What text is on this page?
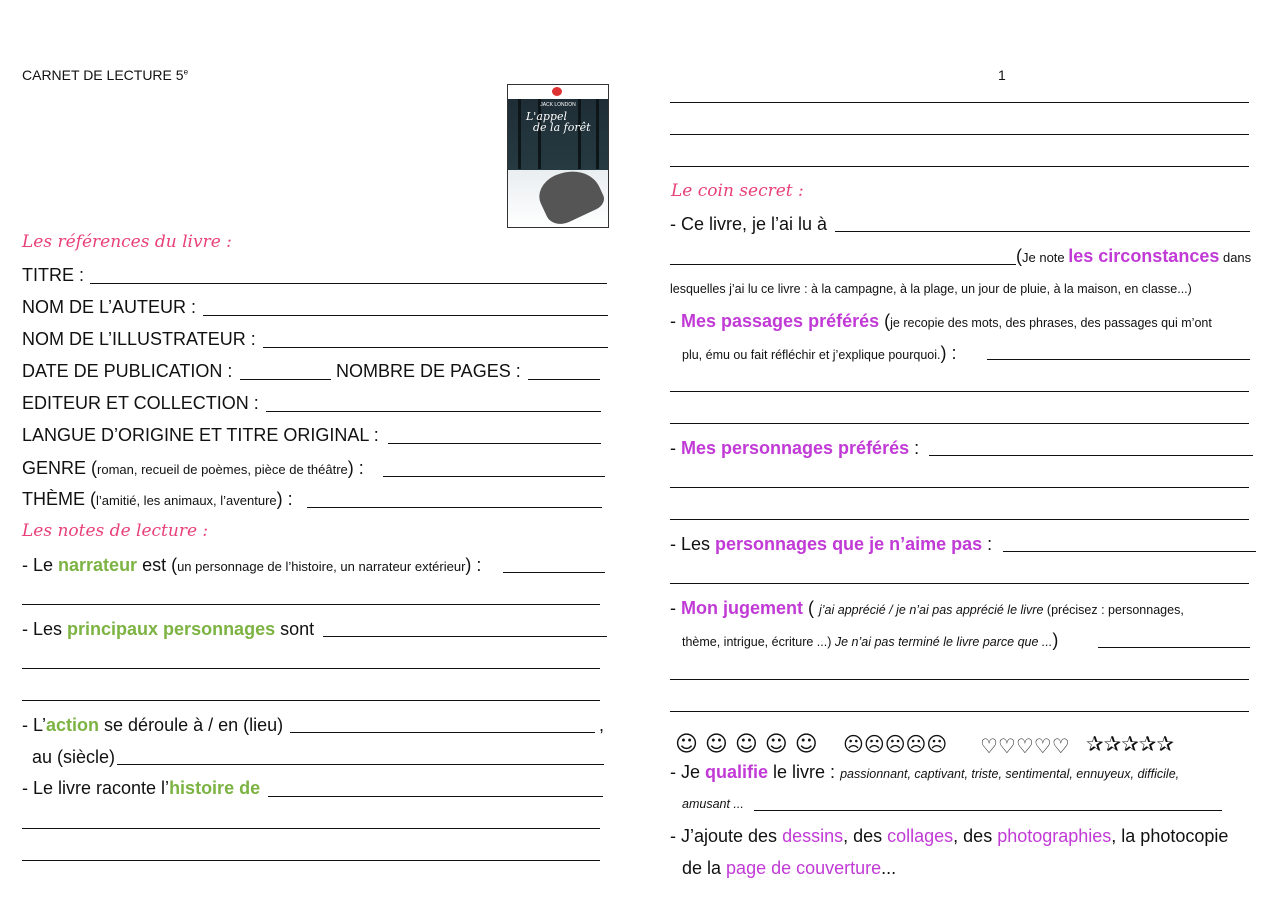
CARNET DE LECTURE 5e
JACK LONDON
L'appel
de la forêt
Les références du livre :
TITRE :
NOM DE L’AUTEUR :
NOM DE L’ILLUSTRATEUR :
DATE DE PUBLICATION :	NOMBRE DE PAGES :
EDITEUR ET COLLECTION :
LANGUE D’ORIGINE ET TITRE ORIGINAL :
GENRE (roman, recueil de poèmes, pièce de théâtre) :
THÈME (l’amitié, les animaux, l’aventure) :
Les notes de lecture :
- Le narrateur est (un personnage de l’histoire, un narrateur extérieur) :
- Les principaux personnages sont
- L’action se déroule à / en (lieu)	,
au (siècle)
- Le livre raconte l’histoire de
1
Le coin secret :
- Ce livre, je l’ai lu à
(Je note les circonstances dans
lesquelles j’ai lu ce livre : à la campagne, à la plage, un jour de pluie, à la maison, en classe...)
- Mes passages préférés (je recopie des mots, des phrases, des passages qui m’ont
plu, ému ou fait réfléchir et j’explique pourquoi.) :
- Mes personnages préférés :
- Les personnages que je n’aime pas :
- Mon jugement ( j’ai apprécié / je n’ai pas apprécié le livre (précisez : personnages,
thème, intrigue, écriture ...) Je n’ai pas terminé le livre parce que ...)
☺ ☺ ☺ ☺ ☺ ☹☹☹☹☹ ♡♡♡♡♡ ✰✰✰✰✰
- Je qualifie le livre : passionnant, captivant, triste, sentimental, ennuyeux, difficile,
amusant ...
- J’ajoute des dessins, des collages, des photographies, la photocopie
de la page de couverture...
